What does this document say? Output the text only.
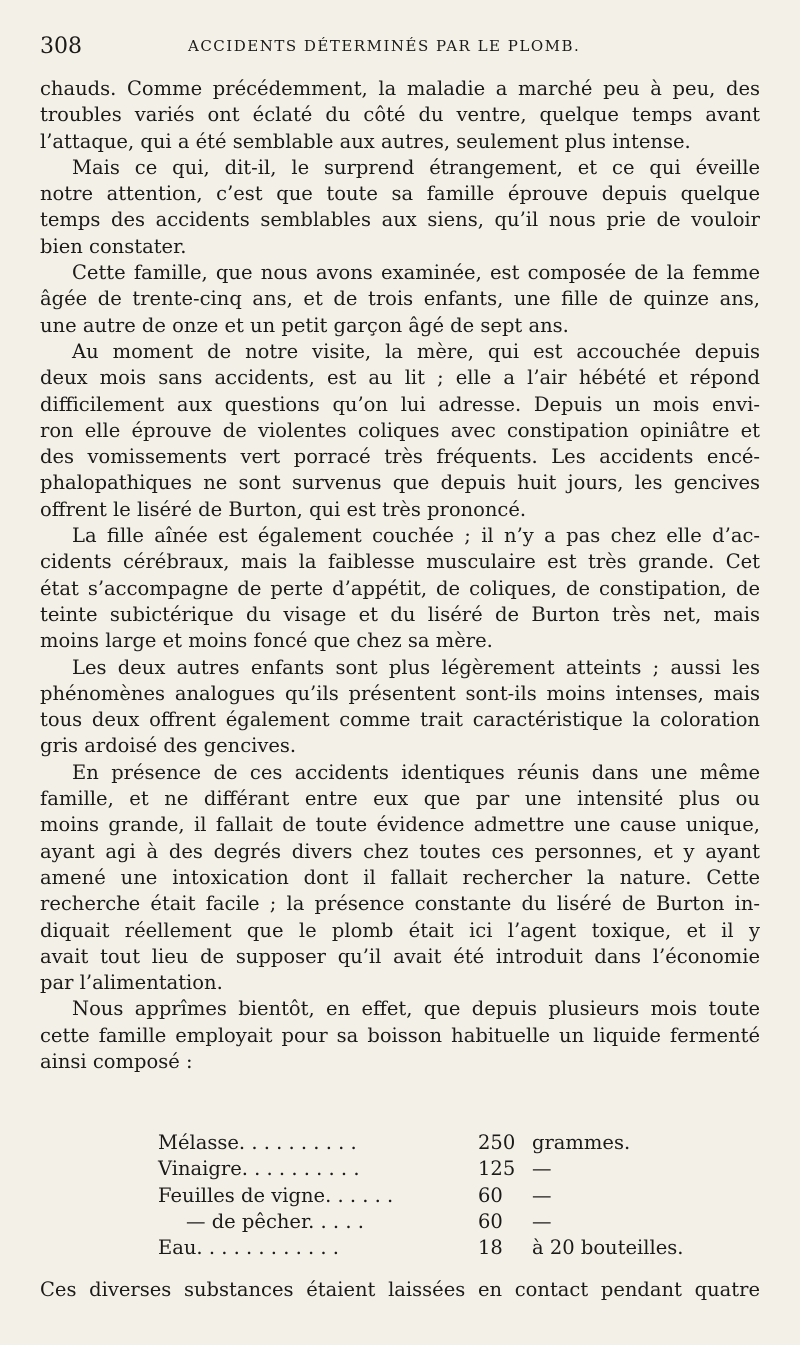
308	ACCIDENTS DÉTERMINÉS PAR LE PLOMB.
chauds. Comme précédemment, la maladie a marché peu à peu, des
troubles variés ont éclaté du côté du ventre, quelque temps avant
l’attaque, qui a été semblable aux autres, seulement plus intense.
Mais ce qui, dit-il, le surprend étrangement, et ce qui éveille
notre attention, c’est que toute sa famille éprouve depuis quelque
temps des accidents semblables aux siens, qu’il nous prie de vouloir
bien constater.
Cette famille, que nous avons examinée, est composée de la femme
âgée de trente-cinq ans, et de trois enfants, une fille de quinze ans,
une autre de onze et un petit garçon âgé de sept ans.
Au moment de notre visite, la mère, qui est accouchée depuis
deux mois sans accidents, est au lit ; elle a l’air hébété et répond
difficilement aux questions qu’on lui adresse. Depuis un mois envi-
ron elle éprouve de violentes coliques avec constipation opiniâtre et
des vomissements vert porracé très fréquents. Les accidents encé-
phalopathiques ne sont survenus que depuis huit jours, les gencives
offrent le liséré de Burton, qui est très prononcé.
La fille aînée est également couchée ; il n’y a pas chez elle d’ac-
cidents cérébraux, mais la faiblesse musculaire est très grande. Cet
état s’accompagne de perte d’appétit, de coliques, de constipation, de
teinte subictérique du visage et du liséré de Burton très net, mais
moins large et moins foncé que chez sa mère.
Les deux autres enfants sont plus légèrement atteints ; aussi les
phénomènes analogues qu’ils présentent sont-ils moins intenses, mais
tous deux offrent également comme trait caractéristique la coloration
gris ardoisé des gencives.
En présence de ces accidents identiques réunis dans une même
famille, et ne différant entre eux que par une intensité plus ou
moins grande, il fallait de toute évidence admettre une cause unique,
ayant agi à des degrés divers chez toutes ces personnes, et y ayant
amené une intoxication dont il fallait rechercher la nature. Cette
recherche était facile ; la présence constante du liséré de Burton in-
diquait réellement que le plomb était ici l’agent toxique, et il y
avait tout lieu de supposer qu’il avait été introduit dans l’économie
par l’alimentation.
Nous apprîmes bientôt, en effet, que depuis plusieurs mois toute
cette famille employait pour sa boisson habituelle un liquide fermenté
ainsi composé :
Mélasse. . . . . . . . . .	250 grammes.
Vinaigre. . . . . . . . . .	125 —
Feuilles de vigne. . . . . .	60 —
— de pêcher. . . . .	60 —
Eau. . . . . . . . . . . .	18 à 20 bouteilles.
Ces diverses substances étaient laissées en contact pendant quatre
